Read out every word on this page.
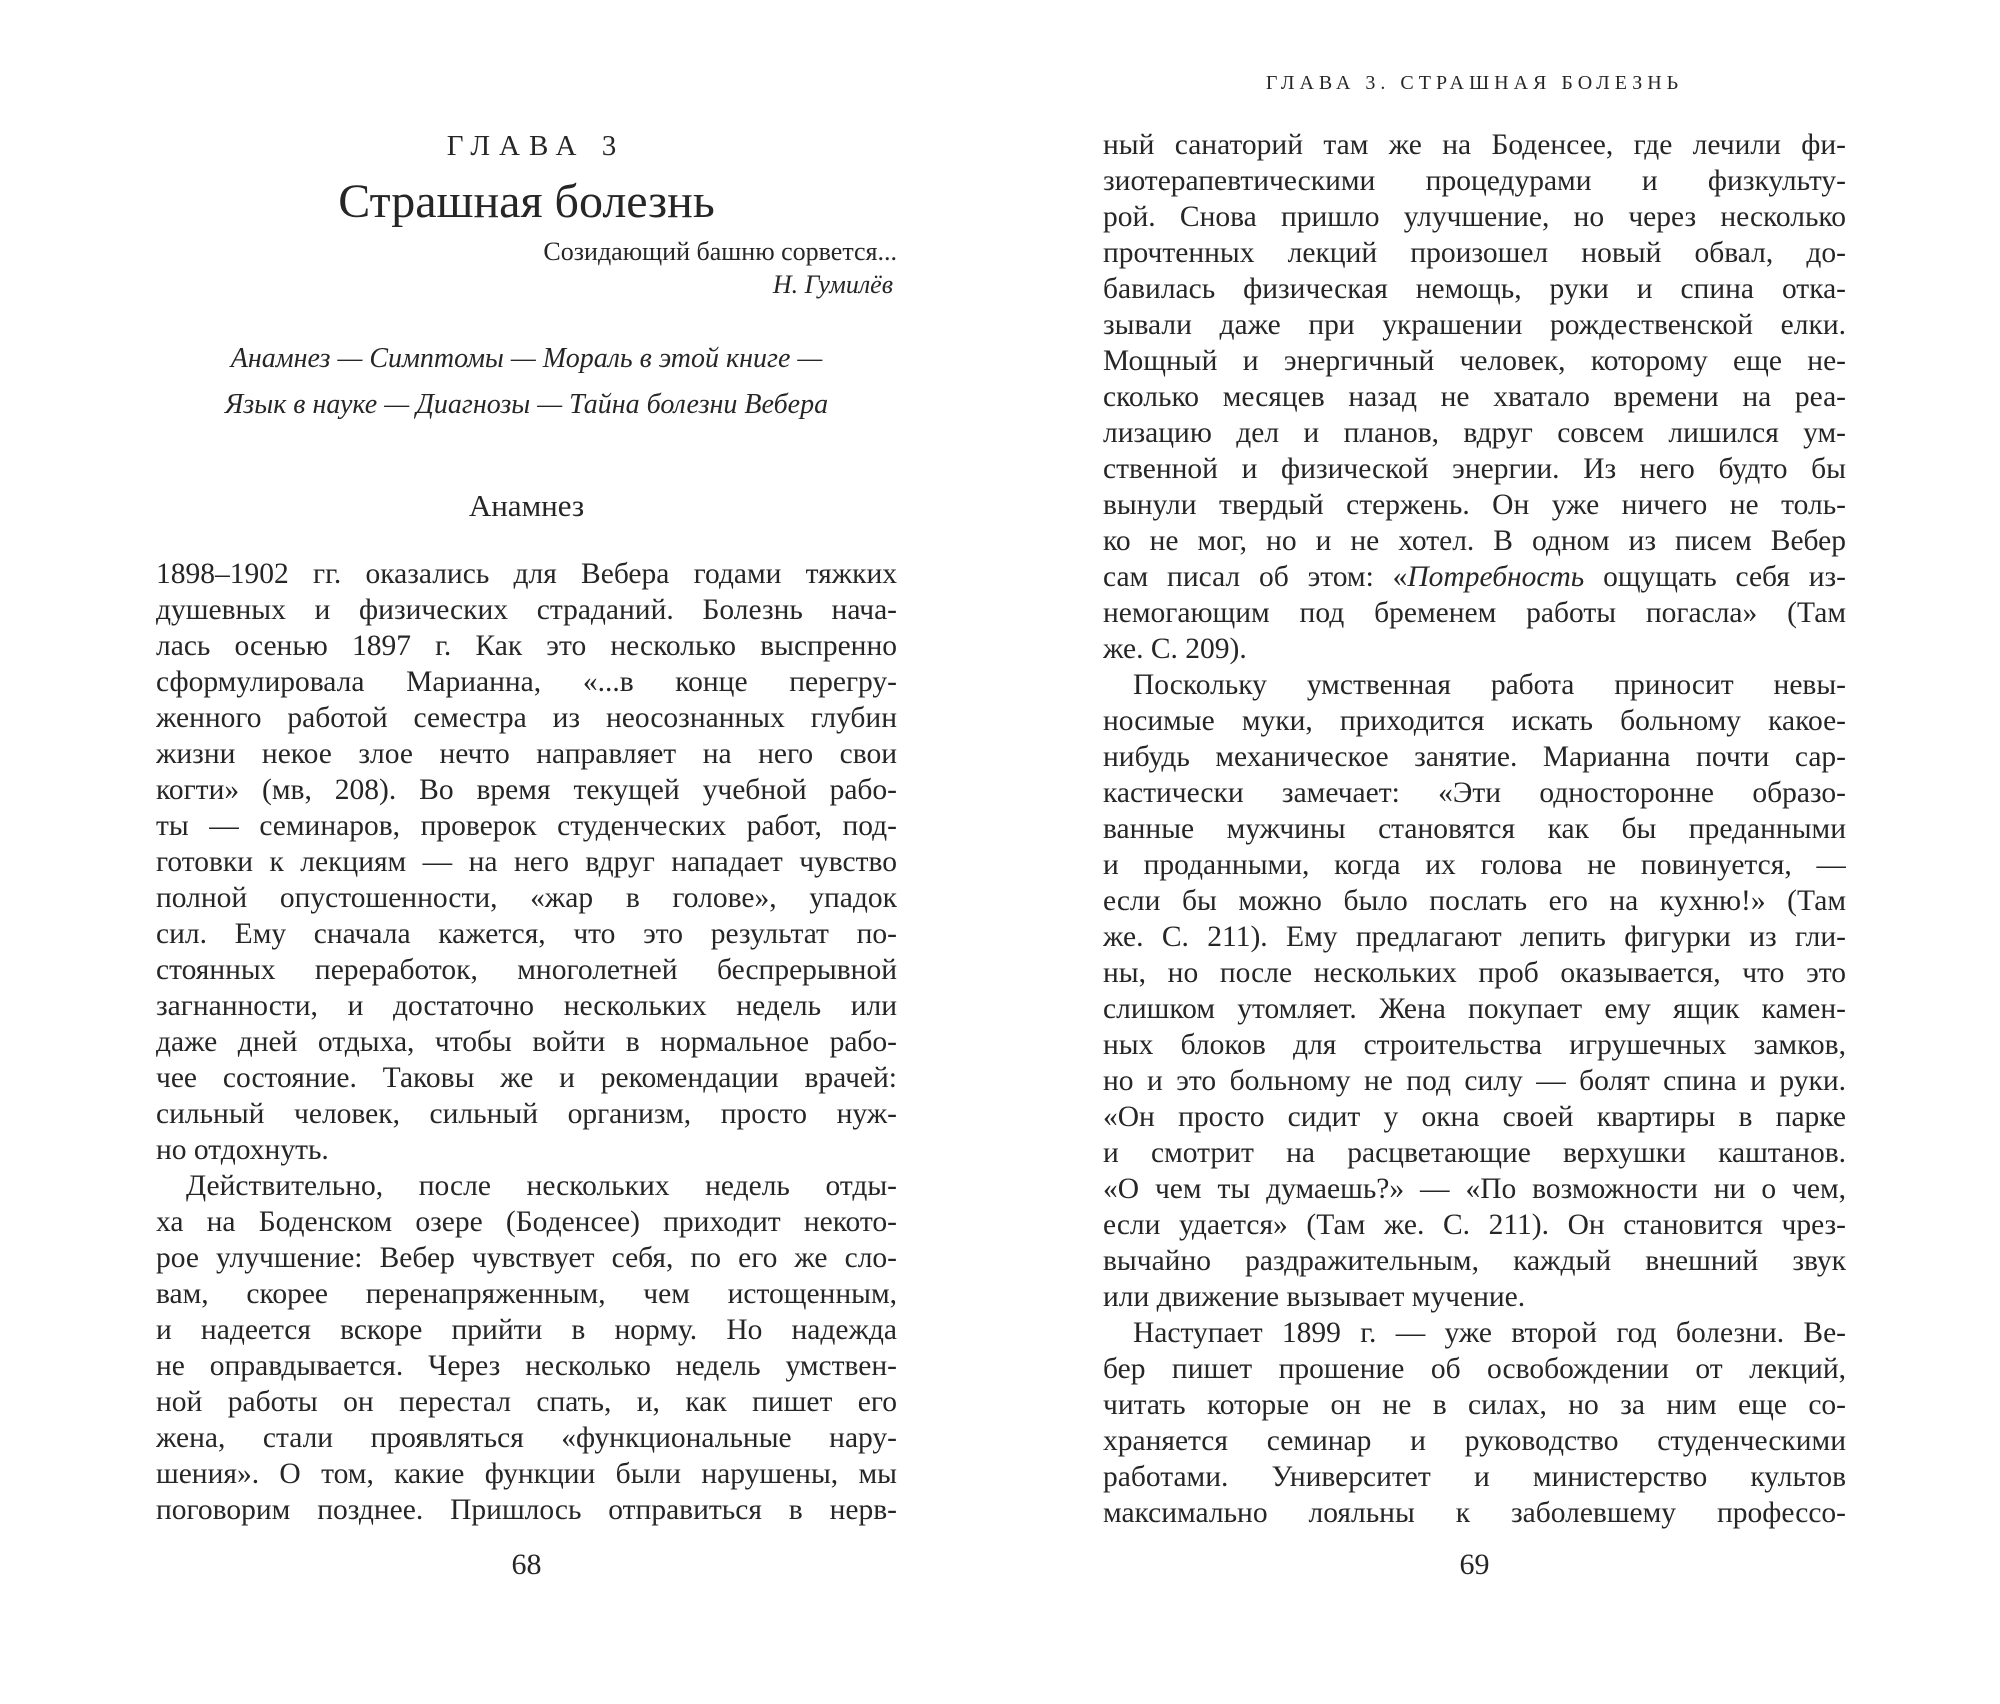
ГЛАВА 3
Страшная болезнь
Созидающий башню сорвется...
Н. Гумилёв
Анамнез — Симптомы — Мораль в этой книге —
Язык в науке — Диагнозы — Тайна болезни Вебера
Анамнез
1898–1902 гг. оказались для Вебера годами тяжких
душевных и физических страданий. Болезнь нача-
лась осенью 1897 г. Как это несколько выспренно
сформулировала Марианна, «...в конце перегру-
женного работой семестра из неосознанных глубин
жизни некое злое нечто направляет на него свои
когти» (мв, 208). Во время текущей учебной рабо-
ты — семинаров, проверок студенческих работ, под-
готовки к лекциям — на него вдруг нападает чувство
полной опустошенности, «жар в голове», упадок
сил. Ему сначала кажется, что это результат по-
стоянных переработок, многолетней беспрерывной
загнанности, и достаточно нескольких недель или
даже дней отдыха, чтобы войти в нормальное рабо-
чее состояние. Таковы же и рекомендации врачей:
сильный человек, сильный организм, просто нуж-
но отдохнуть.
Действительно, после нескольких недель отды-
ха на Боденском озере (Боденсее) приходит некото-
рое улучшение: Вебер чувствует себя, по его же сло-
вам, скорее перенапряженным, чем истощенным,
и надеется вскоре прийти в норму. Но надежда
не оправдывается. Через несколько недель умствен-
ной работы он перестал спать, и, как пишет его
жена, стали проявляться «функциональные нару-
шения». О том, какие функции были нарушены, мы
поговорим позднее. Пришлось отправиться в нерв-
68
ГЛАВА 3. СТРАШНАЯ БОЛЕЗНЬ
ный санаторий там же на Боденсее, где лечили фи-
зиотерапевтическими процедурами и физкульту-
рой. Снова пришло улучшение, но через несколько
прочтенных лекций произошел новый обвал, до-
бавилась физическая немощь, руки и спина отка-
зывали даже при украшении рождественской елки.
Мощный и энергичный человек, которому еще не-
сколько месяцев назад не хватало времени на реа-
лизацию дел и планов, вдруг совсем лишился ум-
ственной и физической энергии. Из него будто бы
вынули твердый стержень. Он уже ничего не толь-
ко не мог, но и не хотел. В одном из писем Вебер
сам писал об этом: «Потребность ощущать себя из-
немогающим под бременем работы погасла» (Там
же. С. 209).
Поскольку умственная работа приносит невы-
носимые муки, приходится искать больному какое-
нибудь механическое занятие. Марианна почти сар-
кастически замечает: «Эти односторонне образо-
ванные мужчины становятся как бы преданными
и проданными, когда их голова не повинуется, —
если бы можно было послать его на кухню!» (Там
же. С. 211). Ему предлагают лепить фигурки из гли-
ны, но после нескольких проб оказывается, что это
слишком утомляет. Жена покупает ему ящик камен-
ных блоков для строительства игрушечных замков,
но и это больному не под силу — болят спина и руки.
«Он просто сидит у окна своей квартиры в парке
и смотрит на расцветающие верхушки каштанов.
«О чем ты думаешь?» — «По возможности ни о чем,
если удается» (Там же. С. 211). Он становится чрез-
вычайно раздражительным, каждый внешний звук
или движение вызывает мучение.
Наступает 1899 г. — уже второй год болезни. Ве-
бер пишет прошение об освобождении от лекций,
читать которые он не в силах, но за ним еще со-
храняется семинар и руководство студенческими
работами. Университет и министерство культов
максимально лояльны к заболевшему профессо-
69
